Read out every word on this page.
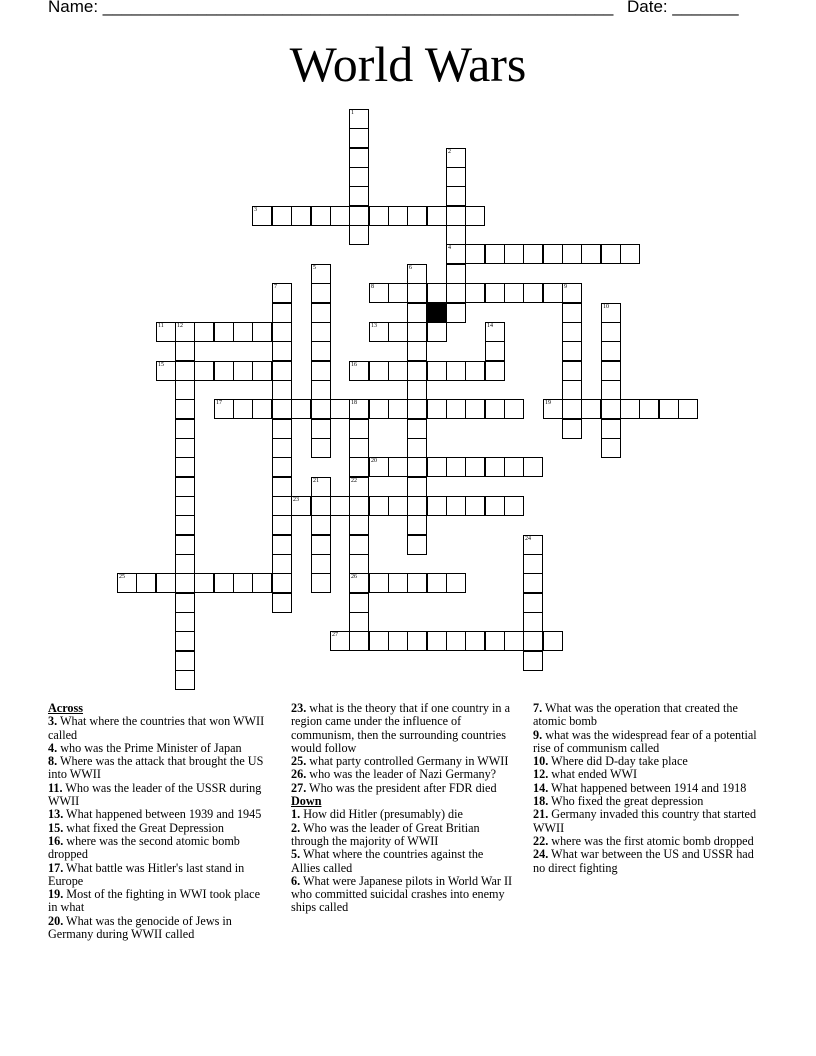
Name: ______________________________________________________ Date: _______
World Wars
1
2
4
3
5	6
7	8	9
10
11 12	13	14
15	16
17	18
22
26
19
20
21
23
24
25
27

Across

3. What where the countries that won WWII called

4. who was the Prime Minister of Japan

8. Where was the attack that brought the US into WWII

11. Who was the leader of the USSR during WWII

13. What happened between 1939 and 1945

15. what fixed the Great Depression

16. where was the second atomic bomb dropped

17. What battle was Hitler's last stand in Europe

19. Most of the fighting in WWI took place in what

20. What was the genocide of Jews in Germany during WWII called

23. what is the theory that if one country in a region came under the influence of communism, then the surrounding countries would follow

25. what party controlled Germany in WWII

26. who was the leader of Nazi Germany?

27. Who was the president after FDR died

Down

1. How did Hitler (presumably) die

2. Who was the leader of Great Britian through the majority of WWII

5. What where the countries against the Allies called

6. What were Japanese pilots in World War II who committed suicidal crashes into enemy ships called

7. What was the operation that created the atomic bomb

9. what was the widespread fear of a potential rise of communism called

10. Where did D-day take place

12. what ended WWI

14. What happened between 1914 and 1918

18. Who fixed the great depression

21. Germany invaded this country that started WWII

22. where was the first atomic bomb dropped

24. What war between the US and USSR had no direct fighting
